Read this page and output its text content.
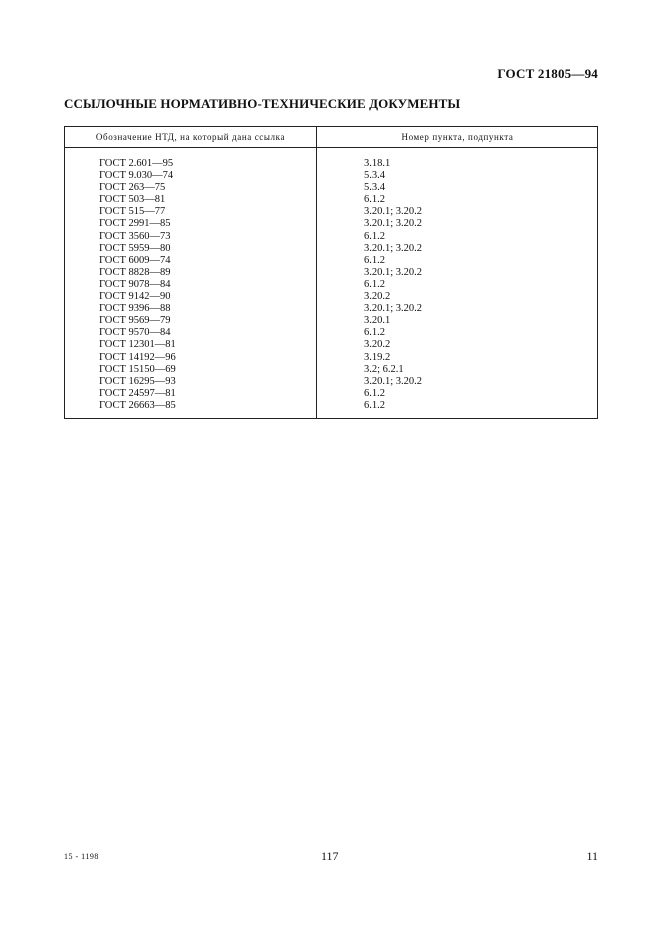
ГОСТ 21805—94
ССЫЛОЧНЫЕ НОРМАТИВНО-ТЕХНИЧЕСКИЕ ДОКУМЕНТЫ
Обозначение НТД, на который дана ссылка	Номер пункта, подпункта
ГОСТ 2.601—95	3.18.1
ГОСТ 9.030—74	5.3.4
ГОСТ 263—75	5.3.4
ГОСТ 503—81	6.1.2
ГОСТ 515—77	3.20.1; 3.20.2
ГОСТ 2991—85	3.20.1; 3.20.2
ГОСТ 3560—73	6.1.2
ГОСТ 5959—80	3.20.1; 3.20.2
ГОСТ 6009—74	6.1.2
ГОСТ 8828—89	3.20.1; 3.20.2
ГОСТ 9078—84	6.1.2
ГОСТ 9142—90	3.20.2
ГОСТ 9396—88	3.20.1; 3.20.2
ГОСТ 9569—79	3.20.1
ГОСТ 9570—84	6.1.2
ГОСТ 12301—81	3.20.2
ГОСТ 14192—96	3.19.2
ГОСТ 15150—69	3.2; 6.2.1
ГОСТ 16295—93	3.20.1; 3.20.2
ГОСТ 24597—81	6.1.2
ГОСТ 26663—85	6.1.2
15 - 1198	117	11
